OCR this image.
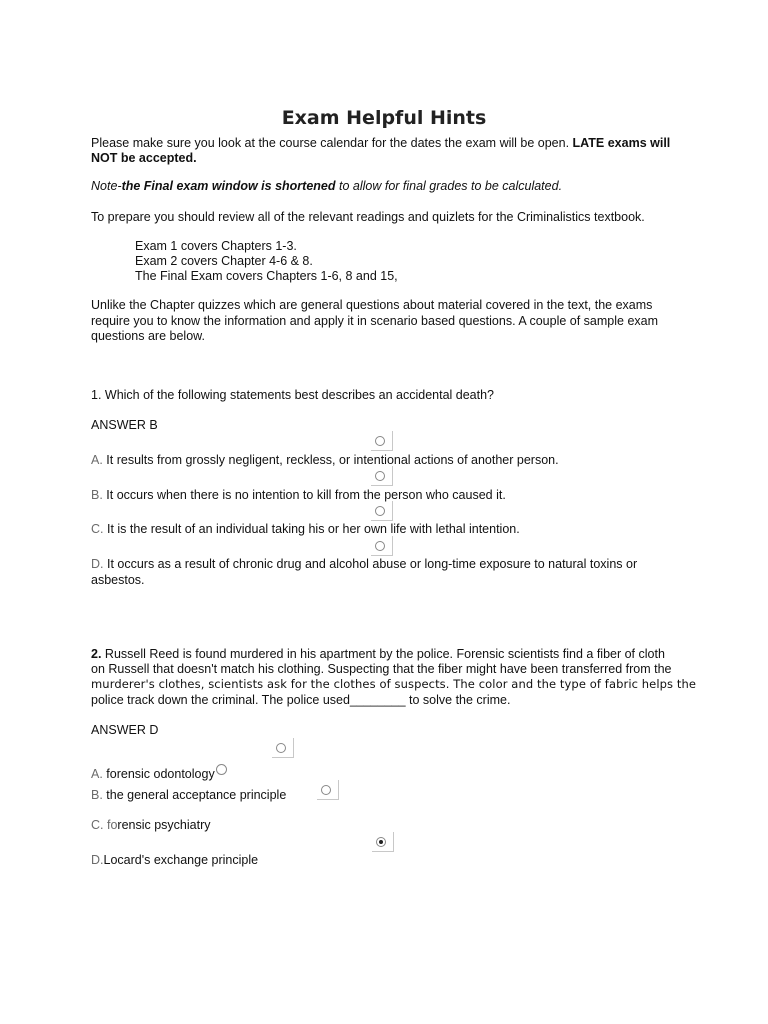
Exam Helpful Hints

Please make sure you look at the course calendar for the dates the exam will be open. LATE exams will

NOT be accepted.

Note-the Final exam window is shortened to allow for final grades to be calculated.

To prepare you should review all of the relevant readings and quizlets for the Criminalistics textbook.

Exam 1 covers Chapters 1-3.

Exam 2 covers Chapter 4-6 & 8.

The Final Exam covers Chapters 1-6, 8 and 15,

Unlike the Chapter quizzes which are general questions about material covered in the text, the exams

require you to know the information and apply it in scenario based questions. A couple of sample exam

questions are below.

1. Which of the following statements best describes an accidental death?

ANSWER B

A. It results from grossly negligent, reckless, or intentional actions of another person.

B. It occurs when there is no intention to kill from the person who caused it.

C. It is the result of an individual taking his or her own life with lethal intention.

D. It occurs as a result of chronic drug and alcohol abuse or long-time exposure to natural toxins or

asbestos.

2. Russell Reed is found murdered in his apartment by the police. Forensic scientists find a fiber of cloth

on Russell that doesn't match his clothing. Suspecting that the fiber might have been transferred from the

murderer's clothes, scientists ask for the clothes of suspects. The color and the type of fabric helps the

police track down the criminal. The police used________ to solve the crime.

ANSWER D

A. forensic odontology

B. the general acceptance principle

C. forensic psychiatry

D.Locard's exchange principle
